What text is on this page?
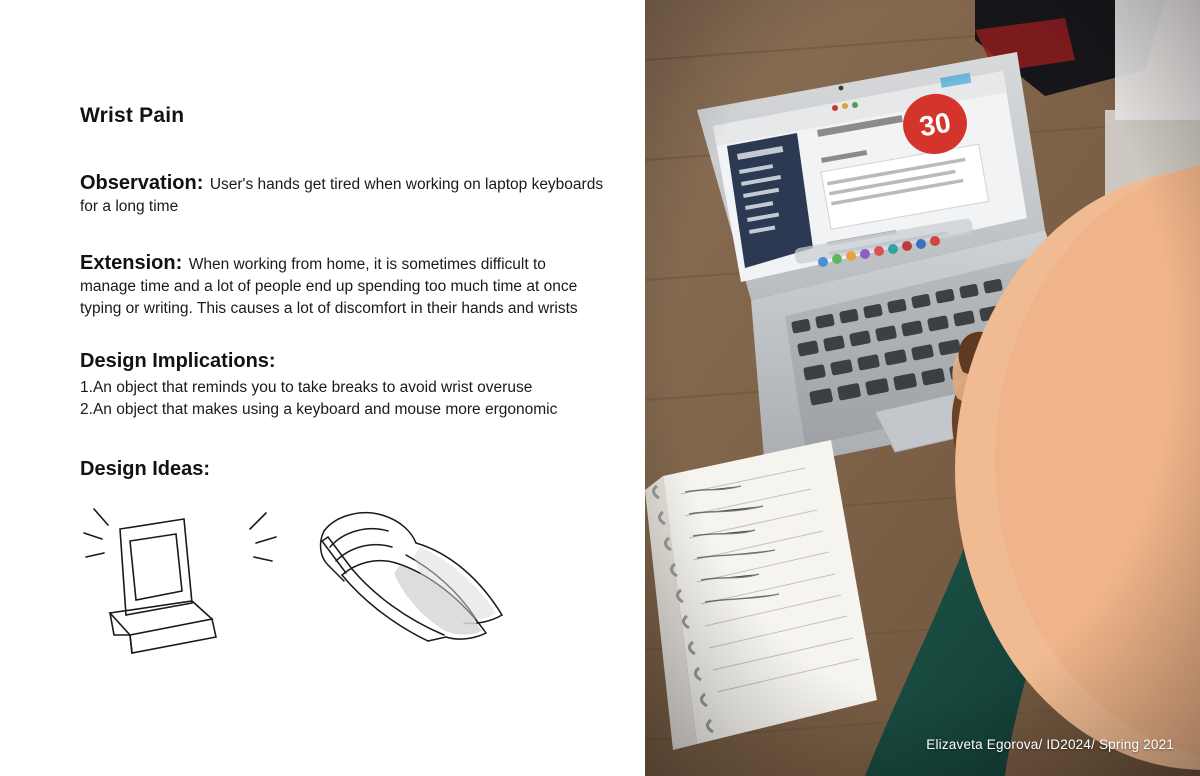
Wrist Pain
Observation: User's hands get tired when working on laptop keyboards for a long time
Extension: When working from home, it is sometimes difficult to manage time and a lot of people end up spending too much time at once typing or writing. This causes a lot of discomfort in their hands and wrists
Design Implications:
1.An object that reminds you to take breaks to avoid wrist overuse
2.An object that makes using a keyboard and mouse more ergonomic
Design Ideas:
Elizaveta Egorova/ ID2024/ Spring 2021
